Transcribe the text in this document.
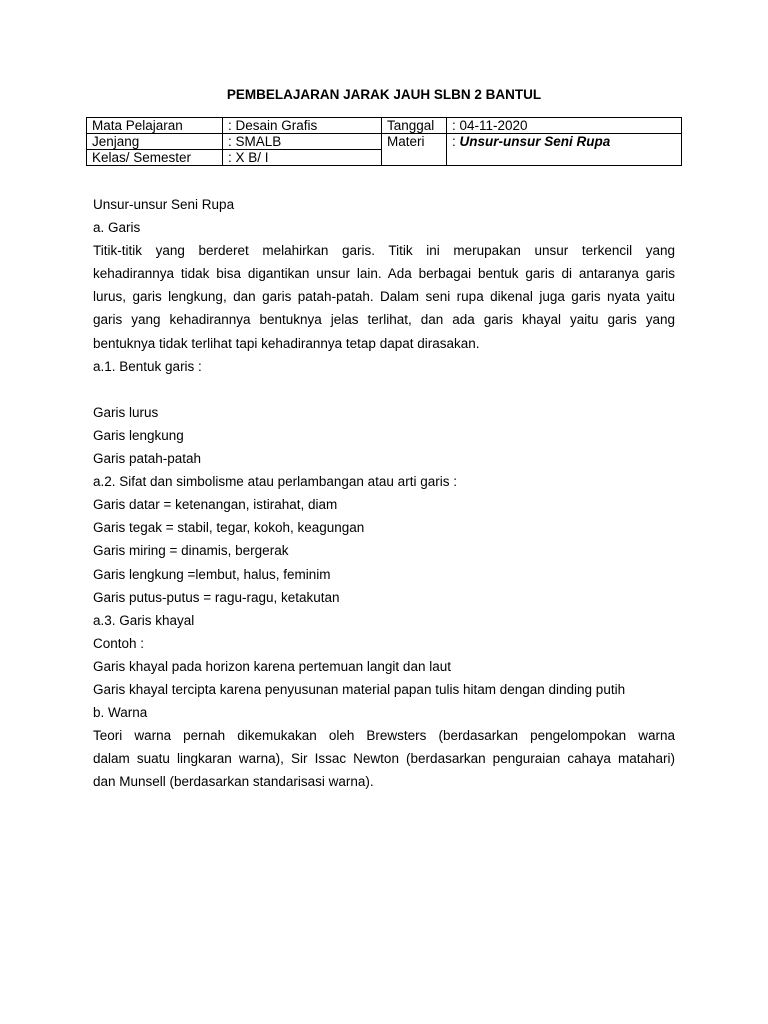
PEMBELAJARAN JARAK JAUH SLBN 2 BANTUL
Mata Pelajaran	: Desain Grafis	Tanggal	: 04-11-2020
Jenjang	: SMALB	Materi	: Unsur-unsur Seni Rupa
Kelas/ Semester	: X B/ I		
Unsur-unsur Seni Rupa
a. Garis
Titik-titik yang berderet melahirkan garis. Titik ini merupakan unsur terkencil yang
kehadirannya tidak bisa digantikan unsur lain. Ada berbagai bentuk garis di antaranya garis
lurus, garis lengkung, dan garis patah-patah. Dalam seni rupa dikenal juga garis nyata yaitu
garis yang kehadirannya bentuknya jelas terlihat, dan ada garis khayal yaitu garis yang
bentuknya tidak terlihat tapi kehadirannya tetap dapat dirasakan.
a.1. Bentuk garis :
Garis lurus
Garis lengkung
Garis patah-patah
a.2. Sifat dan simbolisme atau perlambangan atau arti garis :
Garis datar = ketenangan, istirahat, diam
Garis tegak = stabil, tegar, kokoh, keagungan
Garis miring = dinamis, bergerak
Garis lengkung =lembut, halus, feminim
Garis putus-putus = ragu-ragu, ketakutan
a.3. Garis khayal
Contoh :
Garis khayal pada horizon karena pertemuan langit dan laut
Garis khayal tercipta karena penyusunan material papan tulis hitam dengan dinding putih
b. Warna
Teori warna pernah dikemukakan oleh Brewsters (berdasarkan pengelompokan warna
dalam suatu lingkaran warna), Sir Issac Newton (berdasarkan penguraian cahaya matahari)
dan Munsell (berdasarkan standarisasi warna).
